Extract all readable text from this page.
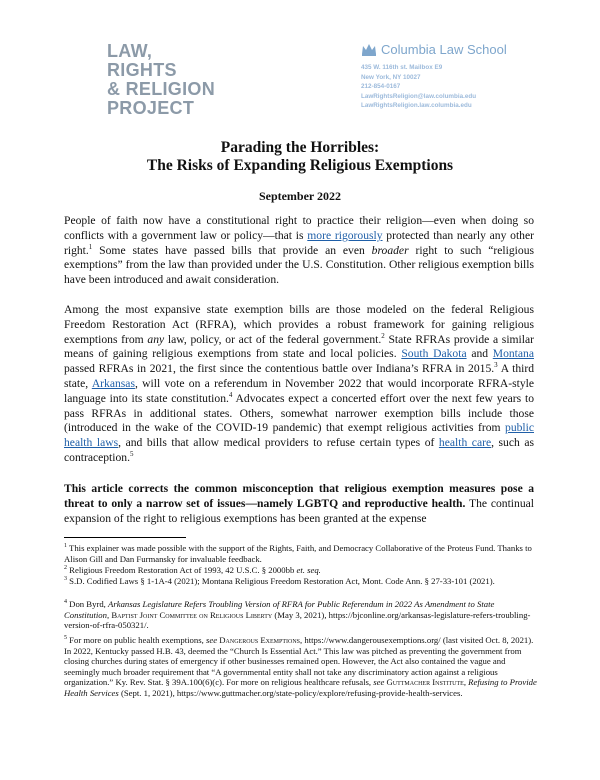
LAW, RIGHTS
& RELIGION
PROJECT
Columbia Law School
435 W. 116th st. Mailbox E9
New York, NY 10027
212-854-0167
LawRightsReligion@law.columbia.edu
LawRightsReligion.law.columbia.edu
Parading the Horribles:
The Risks of Expanding Religious Exemptions
September 2022
People of faith now have a constitutional right to practice their religion—even when doing so conflicts with a government law or policy—that is more rigorously protected than nearly any other right.$^1$ Some states have passed bills that provide an even broader right to such “religious exemptions” from the law than provided under the U.S. Constitution. Other religious exemption bills have been introduced and await consideration.
Among the most expansive state exemption bills are those modeled on the federal Religious Freedom Restoration Act (RFRA), which provides a robust framework for gaining religious exemptions from any law, policy, or act of the federal government.$^2$ State RFRAs provide a similar means of gaining religious exemptions from state and local policies. South Dakota and Montana passed RFRAs in 2021, the first since the contentious battle over Indiana’s RFRA in 2015.$^3$ A third state, Arkansas, will vote on a referendum in November 2022 that would incorporate RFRA-style language into its state constitution.$^4$ Advocates expect a concerted effort over the next few years to pass RFRAs in additional states. Others, somewhat narrower exemption bills include those (introduced in the wake of the COVID-19 pandemic) that exempt religious activities from public health laws, and bills that allow medical providers to refuse certain types of health care, such as contraception.$^5$
This article corrects the common misconception that religious exemption measures pose a threat to only a narrow set of issues—namely LGBTQ and reproductive health. The continual expansion of the right to religious exemptions has been granted at the expense
$^1$ This explainer was made possible with the support of the Rights, Faith, and Democracy Collaborative of the Proteus Fund. Thanks to Alison Gill and Dan Furmansky for invaluable feedback.
$^2$ Religious Freedom Restoration Act of 1993, 42 U.S.C. § 2000bb et. seq.
$^3$ S.D. Codified Laws § 1-1A-4 (2021); Montana Religious Freedom Restoration Act, Mont. Code Ann. § 27-33-101 (2021).
$^4$ Don Byrd, Arkansas Legislature Refers Troubling Version of RFRA for Public Referendum in 2022 As Amendment to State Constitution, Baptist Joint Committee on Religious Liberty (May 3, 2021), https://bjconline.org/arkansas-legislature-refers-troubling-version-of-rfra-050321/.
$^5$ For more on public health exemptions, see Dangerous Exemptions, https://www.dangerousexemptions.org/ (last visited Oct. 8, 2021). In 2022, Kentucky passed H.B. 43, deemed the “Church Is Essential Act.” This law was pitched as preventing the government from closing churches during states of emergency if other businesses remained open. However, the Act also contained the vague and seemingly much broader requirement that “A governmental entity shall not take any discriminatory action against a religious organization.” Ky. Rev. Stat. § 39A.100(6)(c). For more on religious healthcare refusals, see Guttmacher Institute, Refusing to Provide Health Services (Sept. 1, 2021), https://www.guttmacher.org/state-policy/explore/refusing-provide-health-services.
